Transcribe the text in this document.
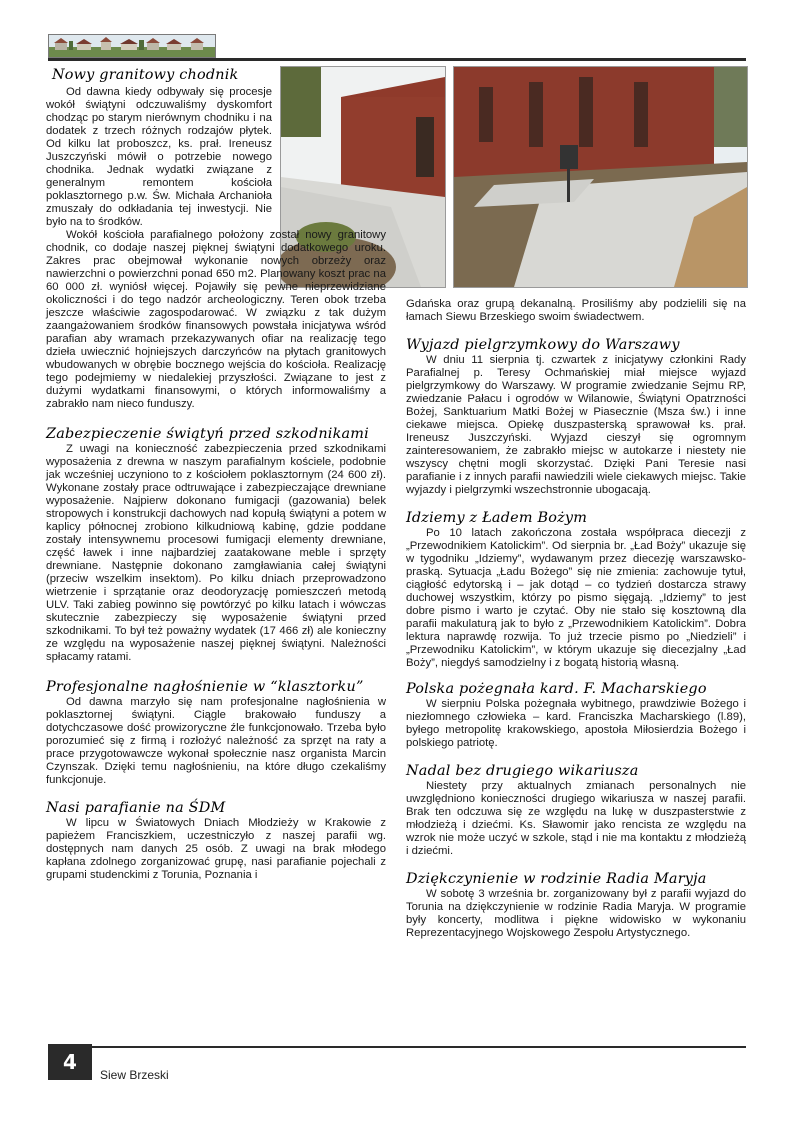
Nowy granitowy chodnik

Od dawna kiedy odbywały się procesje wokół świątyni odczuwaliśmy dyskomfort chodząc po starym nierównym chodniku i na dodatek z trzech różnych rodzajów płytek. Od kilku lat proboszcz, ks. prał. Ireneusz Juszczyński mówił o potrzebie nowego chodnika. Jednak wydatki związane z generalnym remontem kościoła poklasztornego p.w. Św. Michała Archanioła zmuszały do odkładania tej inwestycji. Nie było na to środków.

Wokół kościoła parafialnego położony został nowy granitowy chodnik, co dodaje naszej pięknej świątyni dodatkowego uroku. Zakres prac obejmował wykonanie nowych obrzeży oraz nawierzchni o powierzchni ponad 650 m2. Planowany koszt prac na 60 000 zł. wyniósł więcej. Pojawiły się pewne nieprzewidziane okoliczności i do tego nadzór archeologiczny. Teren obok trzeba jeszcze właściwie zagospodarować. W związku z tak dużym zaangażowaniem środków finansowych powstała inicjatywa wśród parafian aby wramach przekazywanych ofiar na realizację tego dzieła uwiecznić hojniejszych darczyńców na płytach granitowych wbudowanych w obrębie bocznego wejścia do kościoła. Realizację tego podejmiemy w niedalekiej przyszłości. Związane to jest z dużymi wydatkami finansowymi, o których informowaliśmy a zabrakło nam nieco funduszy.

Zabezpieczenie świątyń przed szkodnikami

Z uwagi na konieczność zabezpieczenia przed szkodnikami wyposażenia z drewna w naszym parafialnym kościele, podobnie jak wcześniej uczyniono to z kościołem poklasztornym (24 600 zł). Wykonane zostały prace odtruwające i zabezpieczające drewniane wyposażenie. Najpierw dokonano fumigacji (gazowania) belek stropowych i konstrukcji dachowych nad kopułą świątyni a potem w kaplicy północnej zrobiono kilkudniową kabinę, gdzie poddane zostały intensywnemu procesowi fumigacji elementy drewniane, część ławek i inne najbardziej zaatakowane meble i sprzęty drewniane. Następnie dokonano zamgławiania całej świątyni (przeciw wszelkim insektom). Po kilku dniach przeprowadzono wietrzenie i sprzątanie oraz deodoryzację pomieszczeń metodą ULV. Taki zabieg powinno się powtórzyć po kilku latach i wówczas skutecznie zabezpieczy się wyposażenie świątyni przed szkodnikami. To był też poważny wydatek (17 466 zł) ale konieczny ze względu na wyposażenie naszej pięknej świątyni. Należności spłacamy ratami.

Profesjonalne nagłośnienie w “klasztorku”

Od dawna marzyło się nam profesjonalne nagłośnienia w poklasztornej świątyni. Ciągle brakowało funduszy a dotychczasowe dość prowizoryczne źle funkcjonowało. Trzeba było porozumieć się z firmą i rozłożyć należność za sprzęt na raty a prace przygotowawcze wykonał społecznie nasz organista Marcin Czynszak. Dzięki temu nagłośnieniu, na które długo czekaliśmy funkcjonuje.

Nasi parafianie na ŚDM

W lipcu w Światowych Dniach Młodzieży w Krakowie z papieżem Franciszkiem, uczestniczyło z naszej parafii wg. dostępnych nam danych 25 osób. Z uwagi na brak młodego kapłana zdolnego zorganizować grupę, nasi parafianie pojechali z grupami studenckimi z Torunia, Poznania i

Gdańska oraz grupą dekanalną. Prosiliśmy aby podzielili się na łamach Siewu Brzeskiego swoim świadectwem.

Wyjazd pielgrzymkowy do Warszawy

W dniu 11 sierpnia tj. czwartek z inicjatywy członkini Rady Parafialnej p. Teresy Ochmańskiej miał miejsce wyjazd pielgrzymkowy do Warszawy. W programie zwiedzanie Sejmu RP, zwiedzanie Pałacu i ogrodów w Wilanowie, Świątyni Opatrzności Bożej, Sanktuarium Matki Bożej w Piasecznie (Msza św.) i inne ciekawe miejsca. Opiekę duszpasterską sprawował ks. prał. Ireneusz Juszczyński. Wyjazd cieszył się ogromnym zainteresowaniem, że zabrakło miejsc w autokarze i niestety nie wszyscy chętni mogli skorzystać. Dzięki Pani Teresie nasi parafianie i z innych parafii nawiedzili wiele ciekawych miejsc. Takie wyjazdy i pielgrzymki wszechstronnie ubogacają.

Idziemy z Ładem Bożym

Po 10 latach zakończona została współpraca diecezji z „Przewodnikiem Katolickim”. Od sierpnia br. „Ład Boży” ukazuje się w tygodniku „Idziemy”, wydawanym przez diecezję warszawsko-praską. Sytuacja „Ładu Bożego” się nie zmienia: zachowuje tytuł, ciągłość edytorską i – jak dotąd – co tydzień dostarcza strawy duchowej wszystkim, którzy po pismo sięgają. „Idziemy” to jest dobre pismo i warto je czytać. Oby nie stało się kosztowną dla parafii makulaturą jak to było z „Przewodnikiem Katolickim”. Dobra lektura naprawdę rozwija. To już trzecie pismo po „Niedzieli” i „Przewodniku Katolickim”, w którym ukazuje się diecezjalny „Ład Boży”, niegdyś samodzielny i z bogatą historią własną.

Polska pożegnała kard. F. Macharskiego

W sierpniu Polska pożegnała wybitnego, prawdziwie Bożego i niezłomnego człowieka – kard. Franciszka Macharskiego (l.89), byłego metropolitę krakowskiego, apostoła Miłosierdzia Bożego i polskiego patriotę.

Nadal bez drugiego wikariusza

Niestety przy aktualnych zmianach personalnych nie uwzględniono konieczności drugiego wikariusza w naszej parafii. Brak ten odczuwa się ze względu na lukę w duszpasterstwie z młodzieżą i dziećmi. Ks. Sławomir jako rencista ze względu na wzrok nie może uczyć w szkole, stąd i nie ma kontaktu z młodzieżą i dziećmi.

Dziękczynienie w rodzinie Radia Maryja

W sobotę 3 września br. zorganizowany był z parafii wyjazd do Torunia na dziękczynienie w rodzinie Radia Maryja. W programie były koncerty, modlitwa i piękne widowisko w wykonaniu Reprezentacyjnego Wojskowego Zespołu Artystycznego.

4
Siew Brzeski
